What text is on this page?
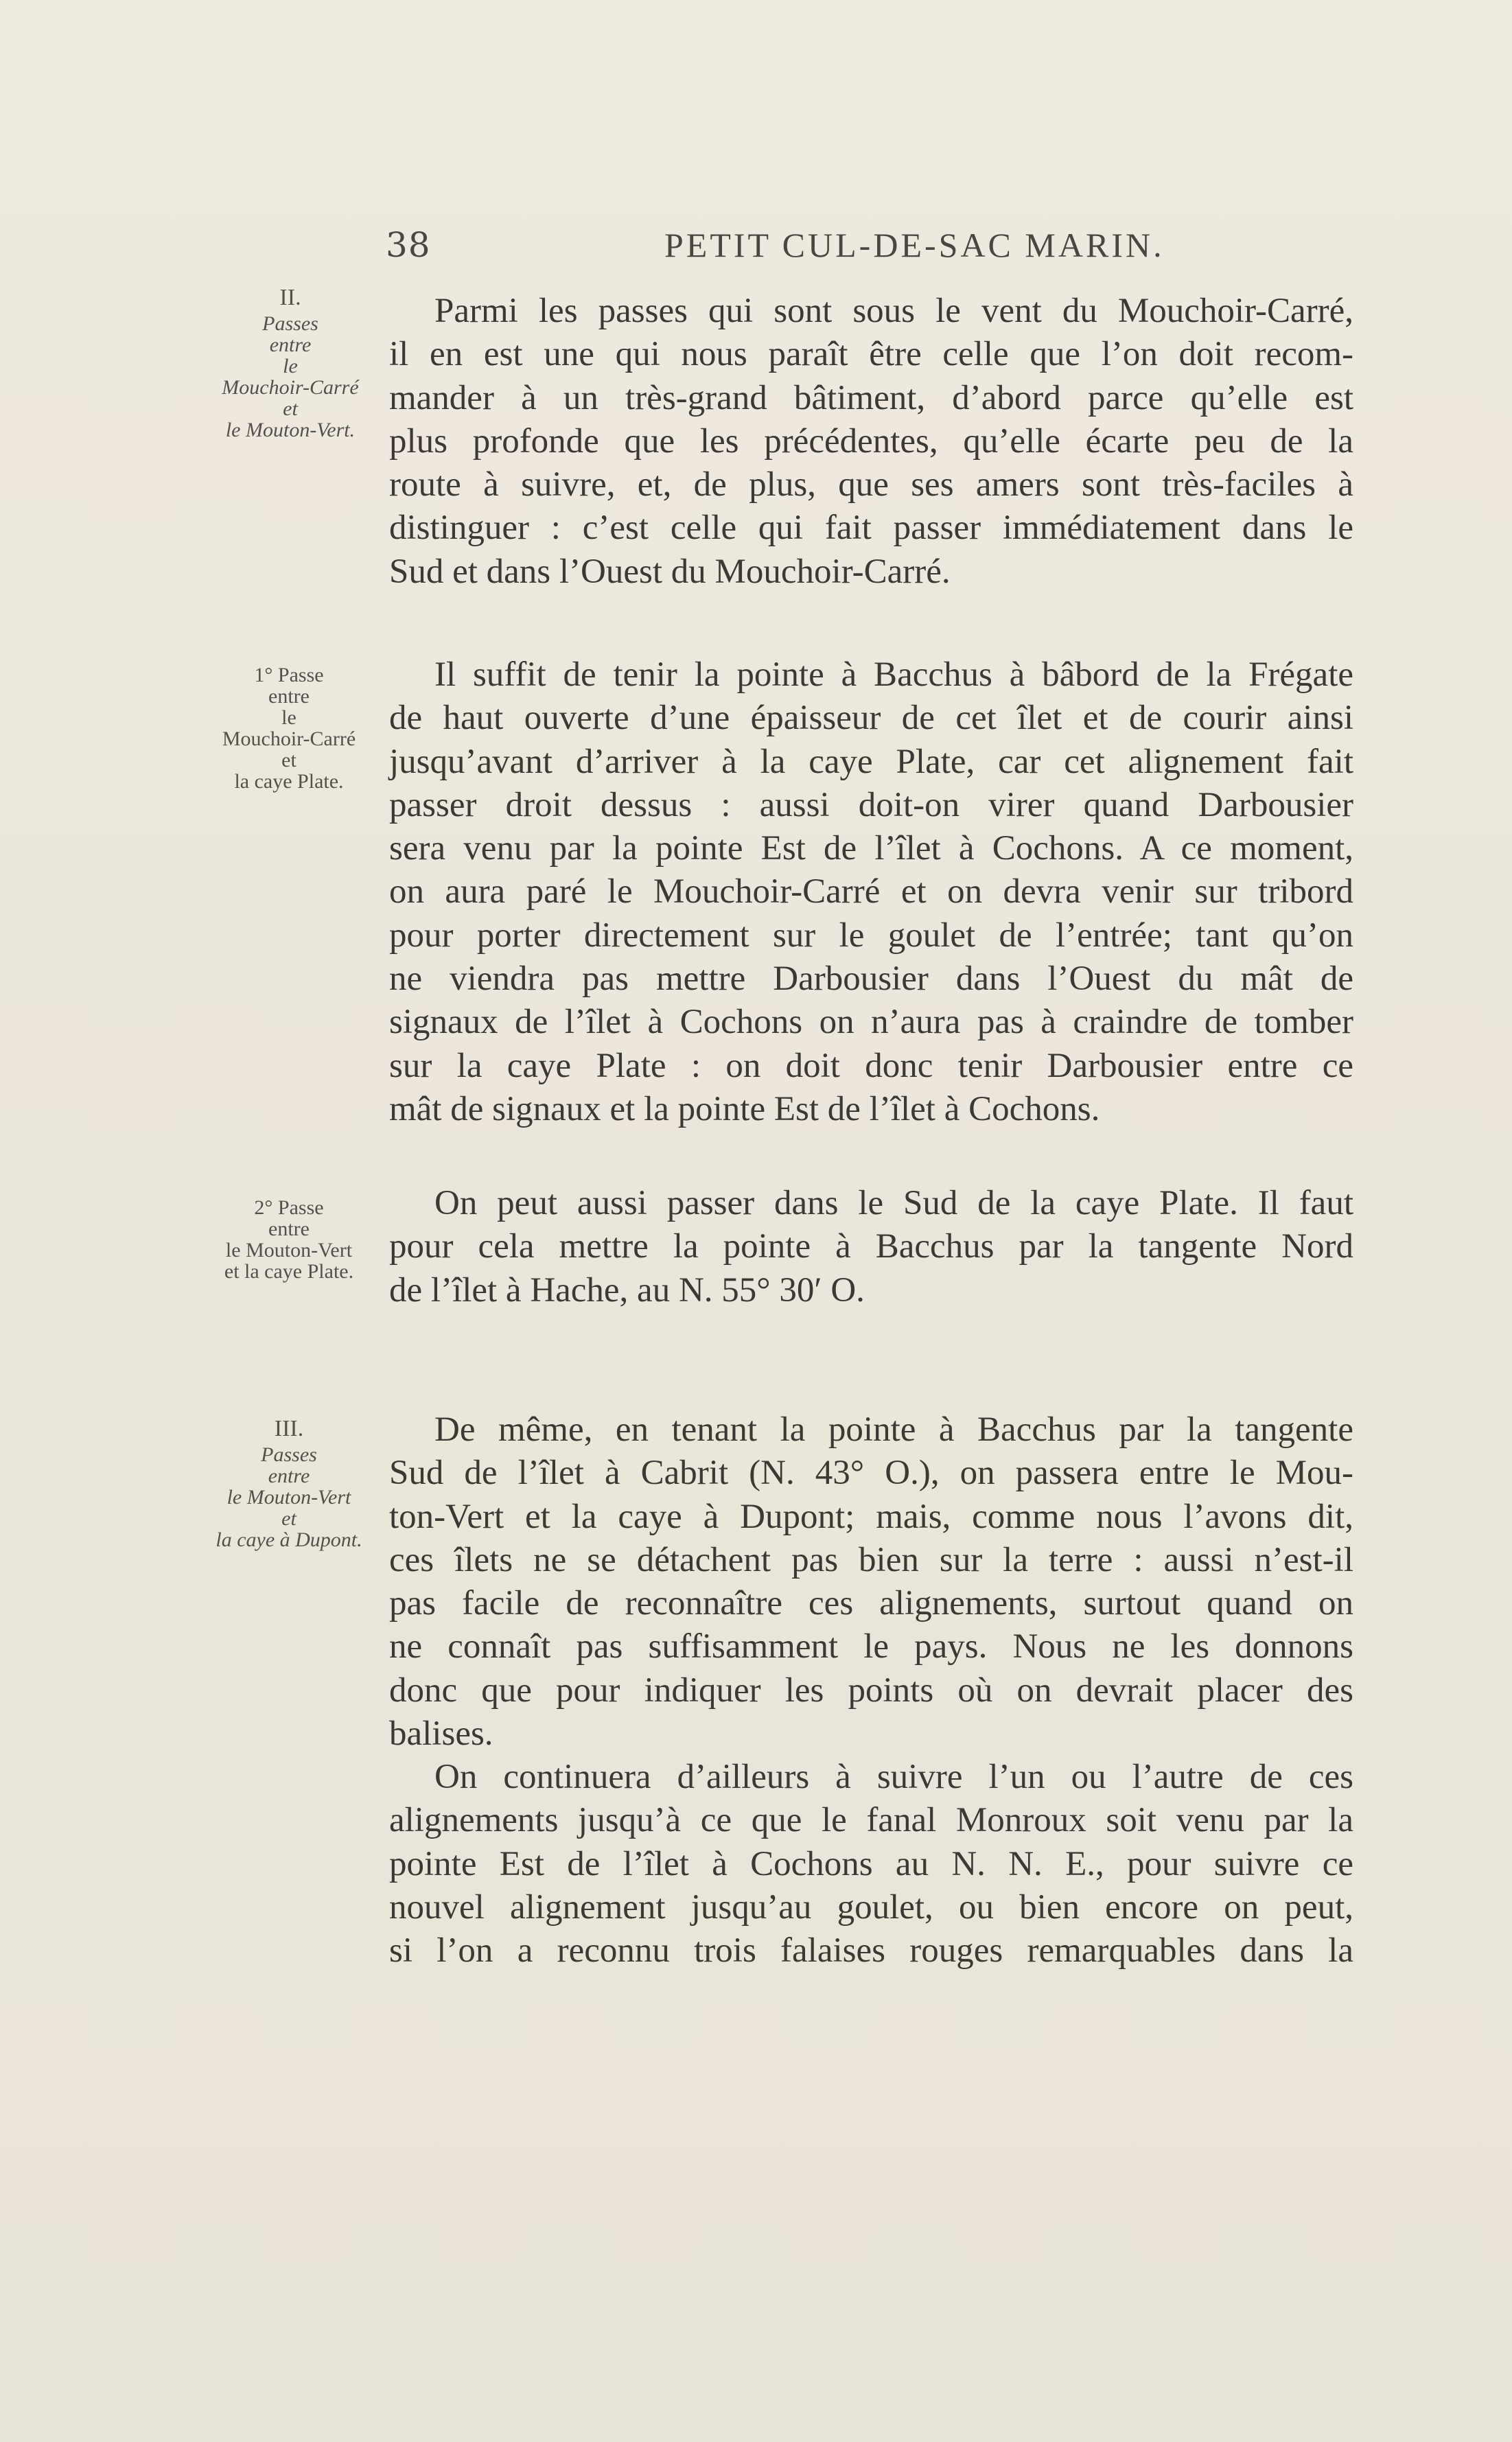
38	PETIT CUL-DE-SAC MARIN.
II.
Passes
entre
le
Mouchoir-Carré
et
le Mouton-Vert.
1° Passe
entre
le
Mouchoir-Carré
et
la caye Plate.
2° Passe
entre
le Mouton-Vert
et la caye Plate.
III.
Passes
entre
le Mouton-Vert
et
la caye à Dupont.
Parmi les passes qui sont sous le vent du Mouchoir-Carré,
il en est une qui nous paraît être celle que l’on doit recom-
mander à un très-grand bâtiment, d’abord parce qu’elle est
plus profonde que les précédentes, qu’elle écarte peu de la
route à suivre, et, de plus, que ses amers sont très-faciles à
distinguer : c’est celle qui fait passer immédiatement dans le
Sud et dans l’Ouest du Mouchoir-Carré.
Il suffit de tenir la pointe à Bacchus à bâbord de la Frégate
de haut ouverte d’une épaisseur de cet îlet et de courir ainsi
jusqu’avant d’arriver à la caye Plate, car cet alignement fait
passer droit dessus : aussi doit-on virer quand Darbousier
sera venu par la pointe Est de l’îlet à Cochons. A ce moment,
on aura paré le Mouchoir-Carré et on devra venir sur tribord
pour porter directement sur le goulet de l’entrée; tant qu’on
ne viendra pas mettre Darbousier dans l’Ouest du mât de
signaux de l’îlet à Cochons on n’aura pas à craindre de tomber
sur la caye Plate : on doit donc tenir Darbousier entre ce
mât de signaux et la pointe Est de l’îlet à Cochons.
On peut aussi passer dans le Sud de la caye Plate. Il faut
pour cela mettre la pointe à Bacchus par la tangente Nord
de l’îlet à Hache, au N. 55° 30′ O.
De même, en tenant la pointe à Bacchus par la tangente
Sud de l’îlet à Cabrit (N. 43° O.), on passera entre le Mou-
ton-Vert et la caye à Dupont; mais, comme nous l’avons dit,
ces îlets ne se détachent pas bien sur la terre : aussi n’est-il
pas facile de reconnaître ces alignements, surtout quand on
ne connaît pas suffisamment le pays. Nous ne les donnons
donc que pour indiquer les points où on devrait placer des
balises.
On continuera d’ailleurs à suivre l’un ou l’autre de ces
alignements jusqu’à ce que le fanal Monroux soit venu par la
pointe Est de l’îlet à Cochons au N. N. E., pour suivre ce
nouvel alignement jusqu’au goulet, ou bien encore on peut,
si l’on a reconnu trois falaises rouges remarquables dans la
